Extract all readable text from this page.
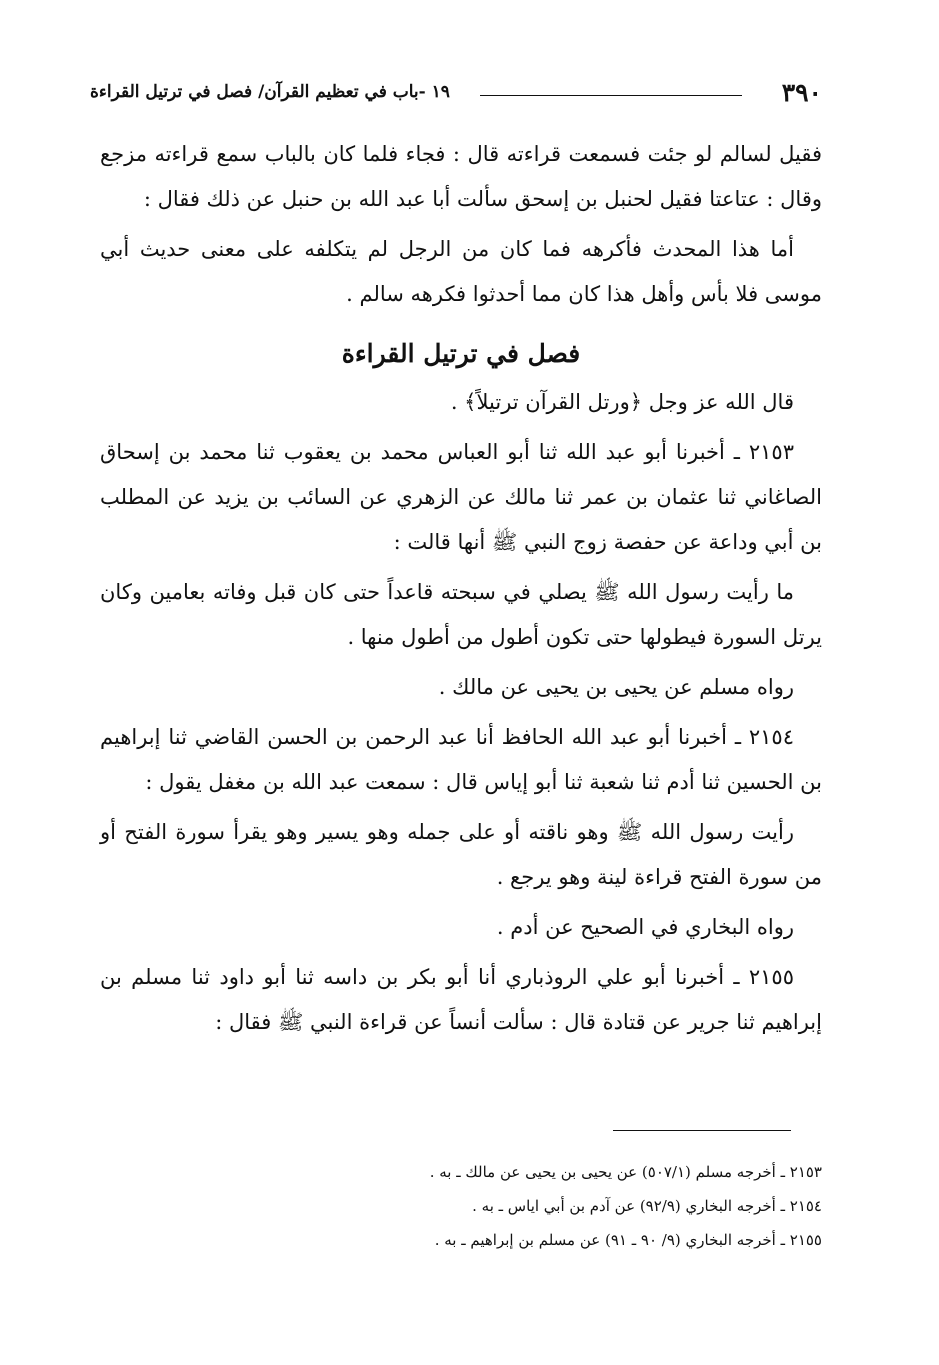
٣٩٠
١٩ -باب في تعظيم القرآن/ فصل في ترتيل القراءة

فقيل لسالم لو جئت فسمعت قراءته قال : فجاء فلما كان بالباب سمع قراءته مزجع وقال : عتاعتا فقيل لحنبل بن إسحق سألت أبا عبد الله بن حنبل عن ذلك فقال :

أما هذا المحدث فأكرهه فما كان من الرجل لم يتكلفه على معنى حديث أبي موسى فلا بأس وأهل هذا كان مما أحدثوا فكرهه سالم .

فصل في ترتيل القراءة

قال الله عز وجل ﴿ورتل القرآن ترتيلاً﴾ .

٢١٥٣ ـ أخبرنا أبو عبد الله ثنا أبو العباس محمد بن يعقوب ثنا محمد بن إسحاق الصاغاني ثنا عثمان بن عمر ثنا مالك عن الزهري عن السائب بن يزيد عن المطلب بن أبي وداعة عن حفصة زوج النبي ﷺ أنها قالت :

ما رأيت رسول الله ﷺ يصلي في سبحته قاعداً حتى كان قبل وفاته بعامين وكان يرتل السورة فيطولها حتى تكون أطول من أطول منها .

رواه مسلم عن يحيى بن يحيى عن مالك .

٢١٥٤ ـ أخبرنا أبو عبد الله الحافظ أنا عبد الرحمن بن الحسن القاضي ثنا إبراهيم بن الحسين ثنا أدم ثنا شعبة ثنا أبو إياس قال : سمعت عبد الله بن مغفل يقول :

رأيت رسول الله ﷺ وهو ناقته أو على جمله وهو يسير وهو يقرأ سورة الفتح أو من سورة الفتح قراءة لينة وهو يرجع .

رواه البخاري في الصحيح عن أدم .

٢١٥٥ ـ أخبرنا أبو علي الروذباري أنا أبو بكر بن داسه ثنا أبو داود ثنا مسلم بن إبراهيم ثنا جرير عن قتادة قال : سألت أنساً عن قراءة النبي ﷺ فقال :

٢١٥٣ ـ أخرجه مسلم (٥٠٧/١) عن يحيى بن يحيى عن مالك ـ به .

٢١٥٤ ـ أخرجه البخاري (٩٢/٩) عن آدم بن أبي اياس ـ به .

٢١٥٥ ـ أخرجه البخاري (٩/ ٩٠ ـ ٩١) عن مسلم بن إبراهيم ـ به .
